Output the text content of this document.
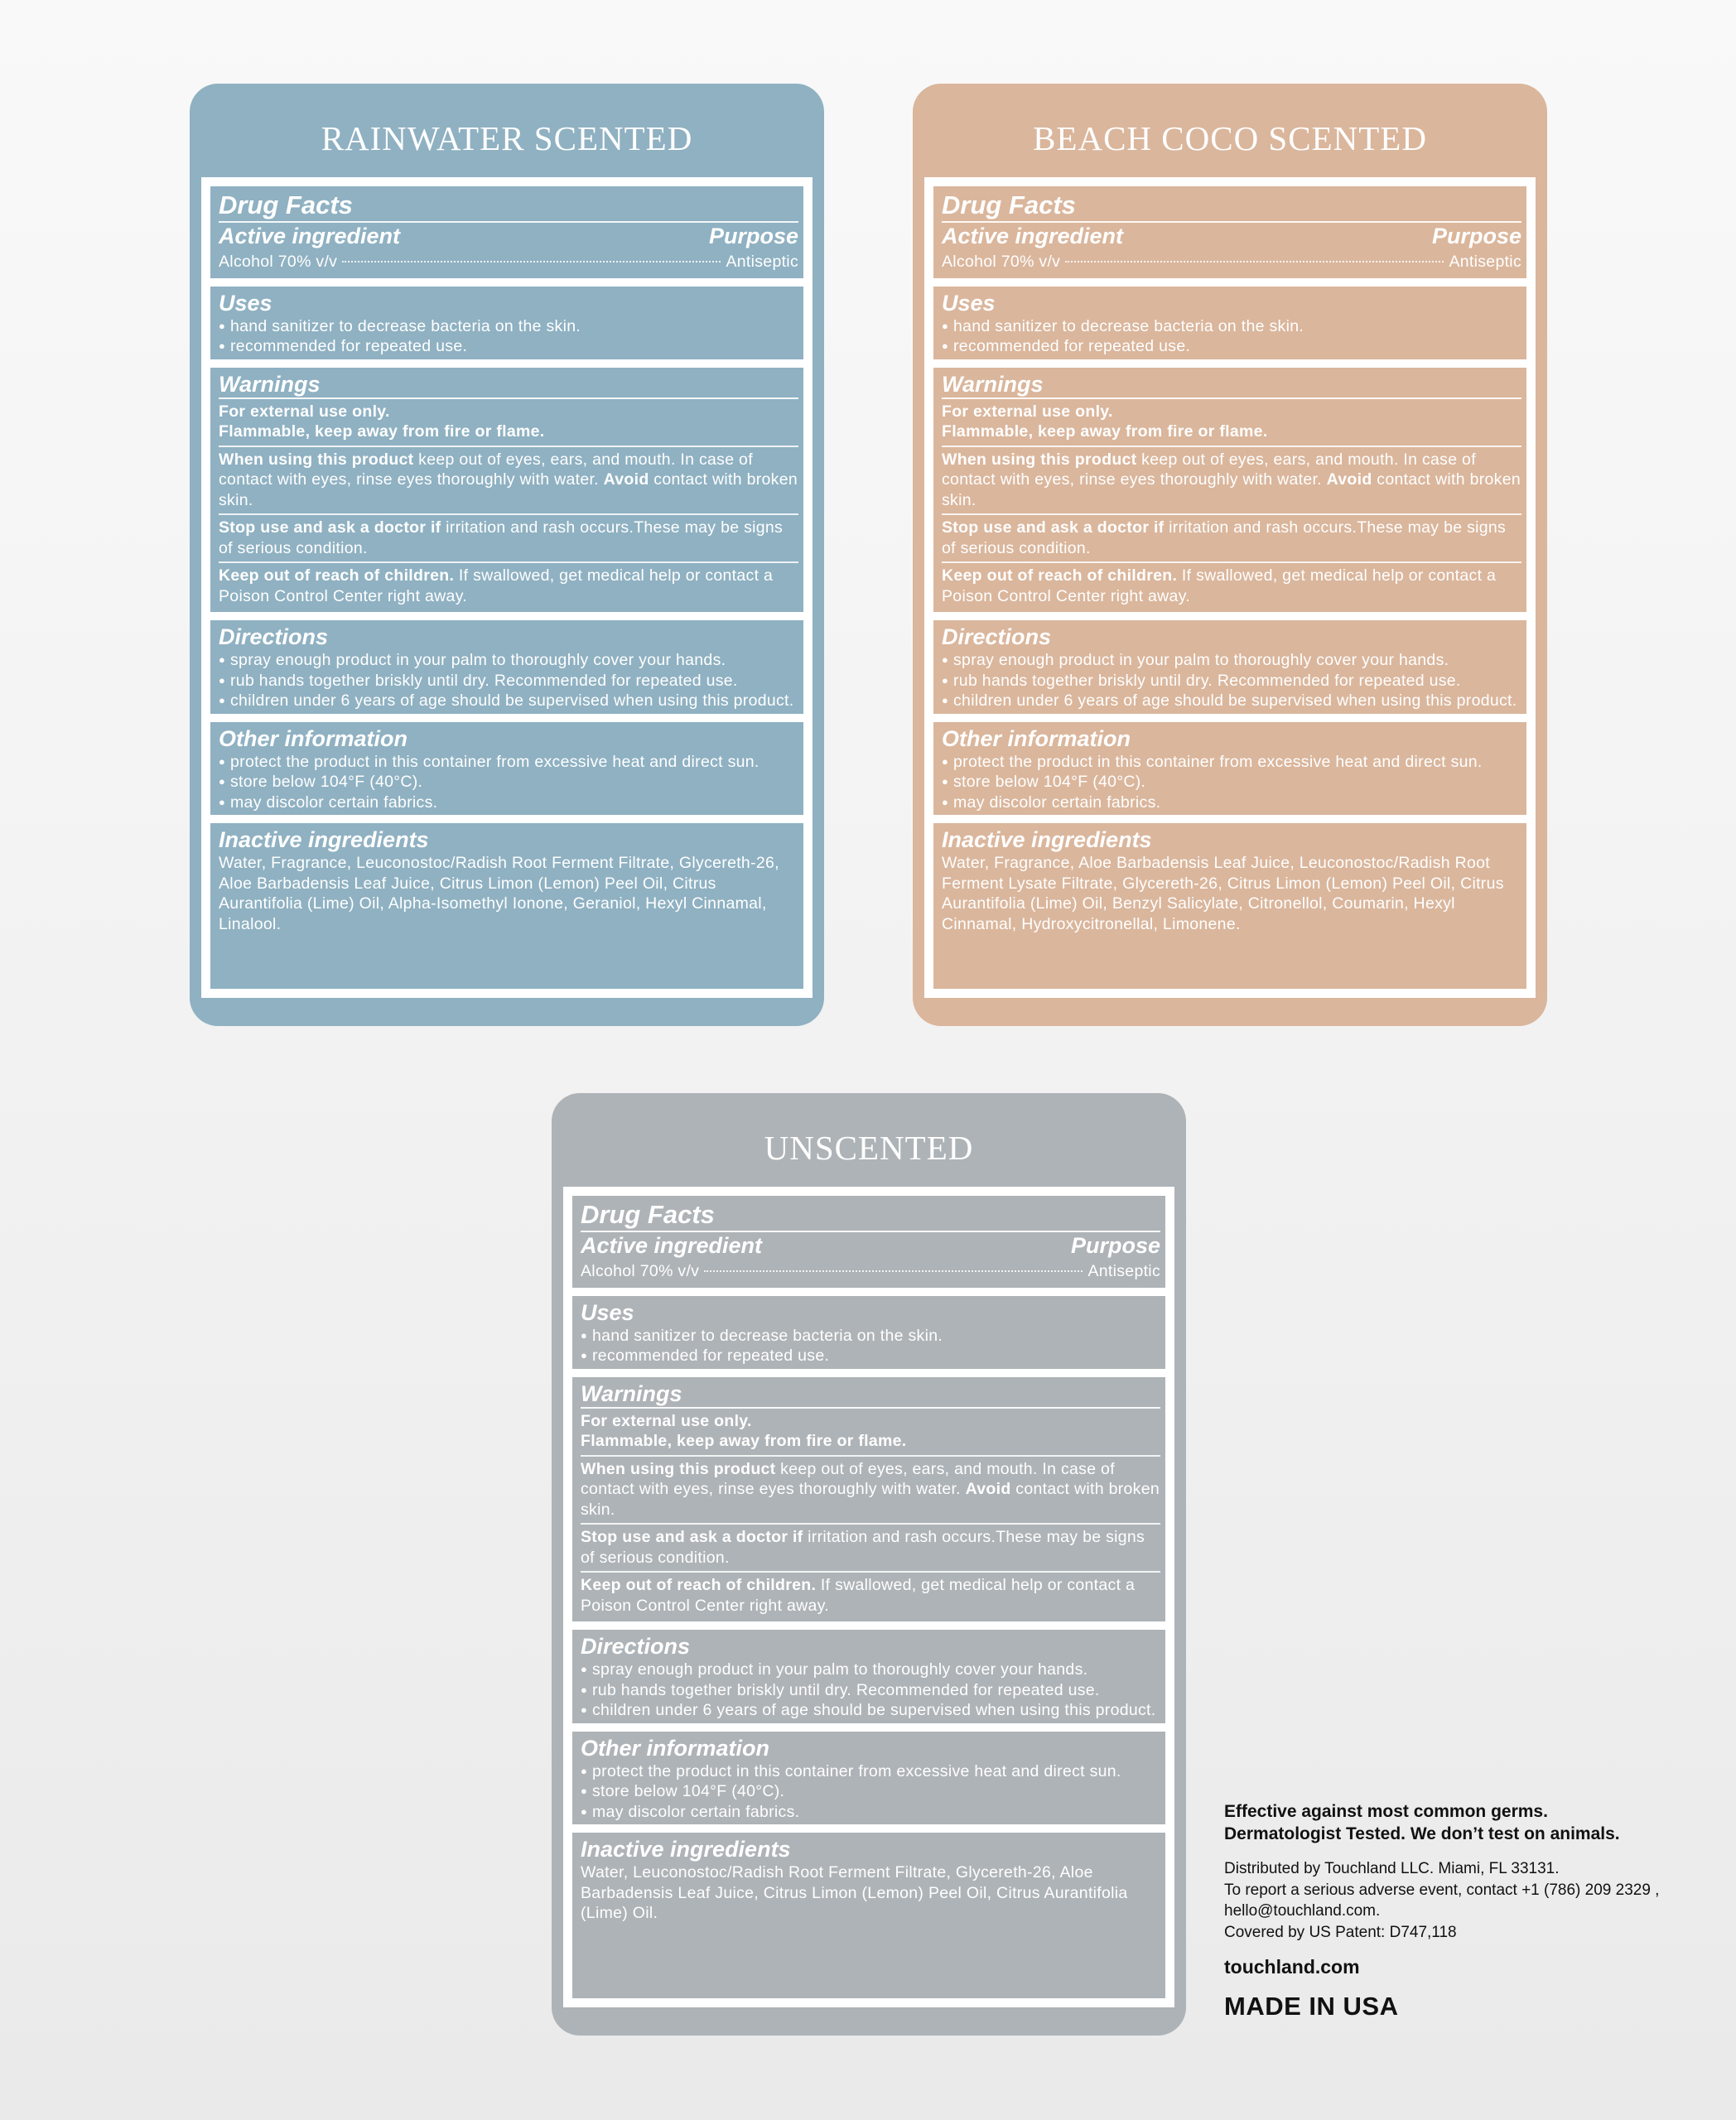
RAINWATER SCENTED
Drug Facts
Active ingredient	Purpose
Alcohol 70% v/v	Antiseptic
Uses
● hand sanitizer to decrease bacteria on the skin.
● recommended for repeated use.
Warnings
For external use only.
Flammable, keep away from fire or flame.
When using this product keep out of eyes, ears, and mouth. In case of contact with eyes, rinse eyes thoroughly with water. Avoid contact with broken skin.
Stop use and ask a doctor if irritation and rash occurs.These may be signs of serious condition.
Keep out of reach of children. If swallowed, get medical help or contact a Poison Control Center right away.
Directions
● spray enough product in your palm to thoroughly cover your hands.
● rub hands together briskly until dry. Recommended for repeated use.
● children under 6 years of age should be supervised when using this product.
Other information
● protect the product in this container from excessive heat and direct sun.
● store below 104°F (40°C).
● may discolor certain fabrics.
Inactive ingredients
Water, Fragrance, Leuconostoc/Radish Root Ferment Filtrate, Glycereth-26, Aloe Barbadensis Leaf Juice, Citrus Limon (Lemon) Peel Oil, Citrus Aurantifolia (Lime) Oil, Alpha-Isomethyl Ionone, Geraniol, Hexyl Cinnamal, Linalool.
BEACH COCO SCENTED
Drug Facts
Active ingredient	Purpose
Alcohol 70% v/v	Antiseptic
Uses
● hand sanitizer to decrease bacteria on the skin.
● recommended for repeated use.
Warnings
For external use only.
Flammable, keep away from fire or flame.
When using this product keep out of eyes, ears, and mouth. In case of contact with eyes, rinse eyes thoroughly with water. Avoid contact with broken skin.
Stop use and ask a doctor if irritation and rash occurs.These may be signs of serious condition.
Keep out of reach of children. If swallowed, get medical help or contact a Poison Control Center right away.
Directions
● spray enough product in your palm to thoroughly cover your hands.
● rub hands together briskly until dry. Recommended for repeated use.
● children under 6 years of age should be supervised when using this product.
Other information
● protect the product in this container from excessive heat and direct sun.
● store below 104°F (40°C).
● may discolor certain fabrics.
Inactive ingredients
Water, Fragrance, Aloe Barbadensis Leaf Juice, Leuconostoc/Radish Root Ferment Lysate Filtrate, Glycereth-26, Citrus Limon (Lemon) Peel Oil, Citrus Aurantifolia (Lime) Oil, Benzyl Salicylate, Citronellol, Coumarin, Hexyl Cinnamal, Hydroxycitronellal, Limonene.
UNSCENTED
Drug Facts
Active ingredient	Purpose
Alcohol 70% v/v	Antiseptic
Uses
● hand sanitizer to decrease bacteria on the skin.
● recommended for repeated use.
Warnings
For external use only.
Flammable, keep away from fire or flame.
When using this product keep out of eyes, ears, and mouth. In case of contact with eyes, rinse eyes thoroughly with water. Avoid contact with broken skin.
Stop use and ask a doctor if irritation and rash occurs.These may be signs of serious condition.
Keep out of reach of children. If swallowed, get medical help or contact a Poison Control Center right away.
Directions
● spray enough product in your palm to thoroughly cover your hands.
● rub hands together briskly until dry. Recommended for repeated use.
● children under 6 years of age should be supervised when using this product.
Other information
● protect the product in this container from excessive heat and direct sun.
● store below 104°F (40°C).
● may discolor certain fabrics.
Inactive ingredients
Water, Leuconostoc/Radish Root Ferment Filtrate, Glycereth-26, Aloe Barbadensis Leaf Juice, Citrus Limon (Lemon) Peel Oil, Citrus Aurantifolia (Lime) Oil.
Effective against most common germs.
Dermatologist Tested. We don’t test on animals.
Distributed by Touchland LLC. Miami, FL 33131.
To report a serious adverse event, contact +1 (786) 209 2329 ,
hello@touchland.com.
Covered by US Patent: D747,118
touchland.com
MADE IN USA
